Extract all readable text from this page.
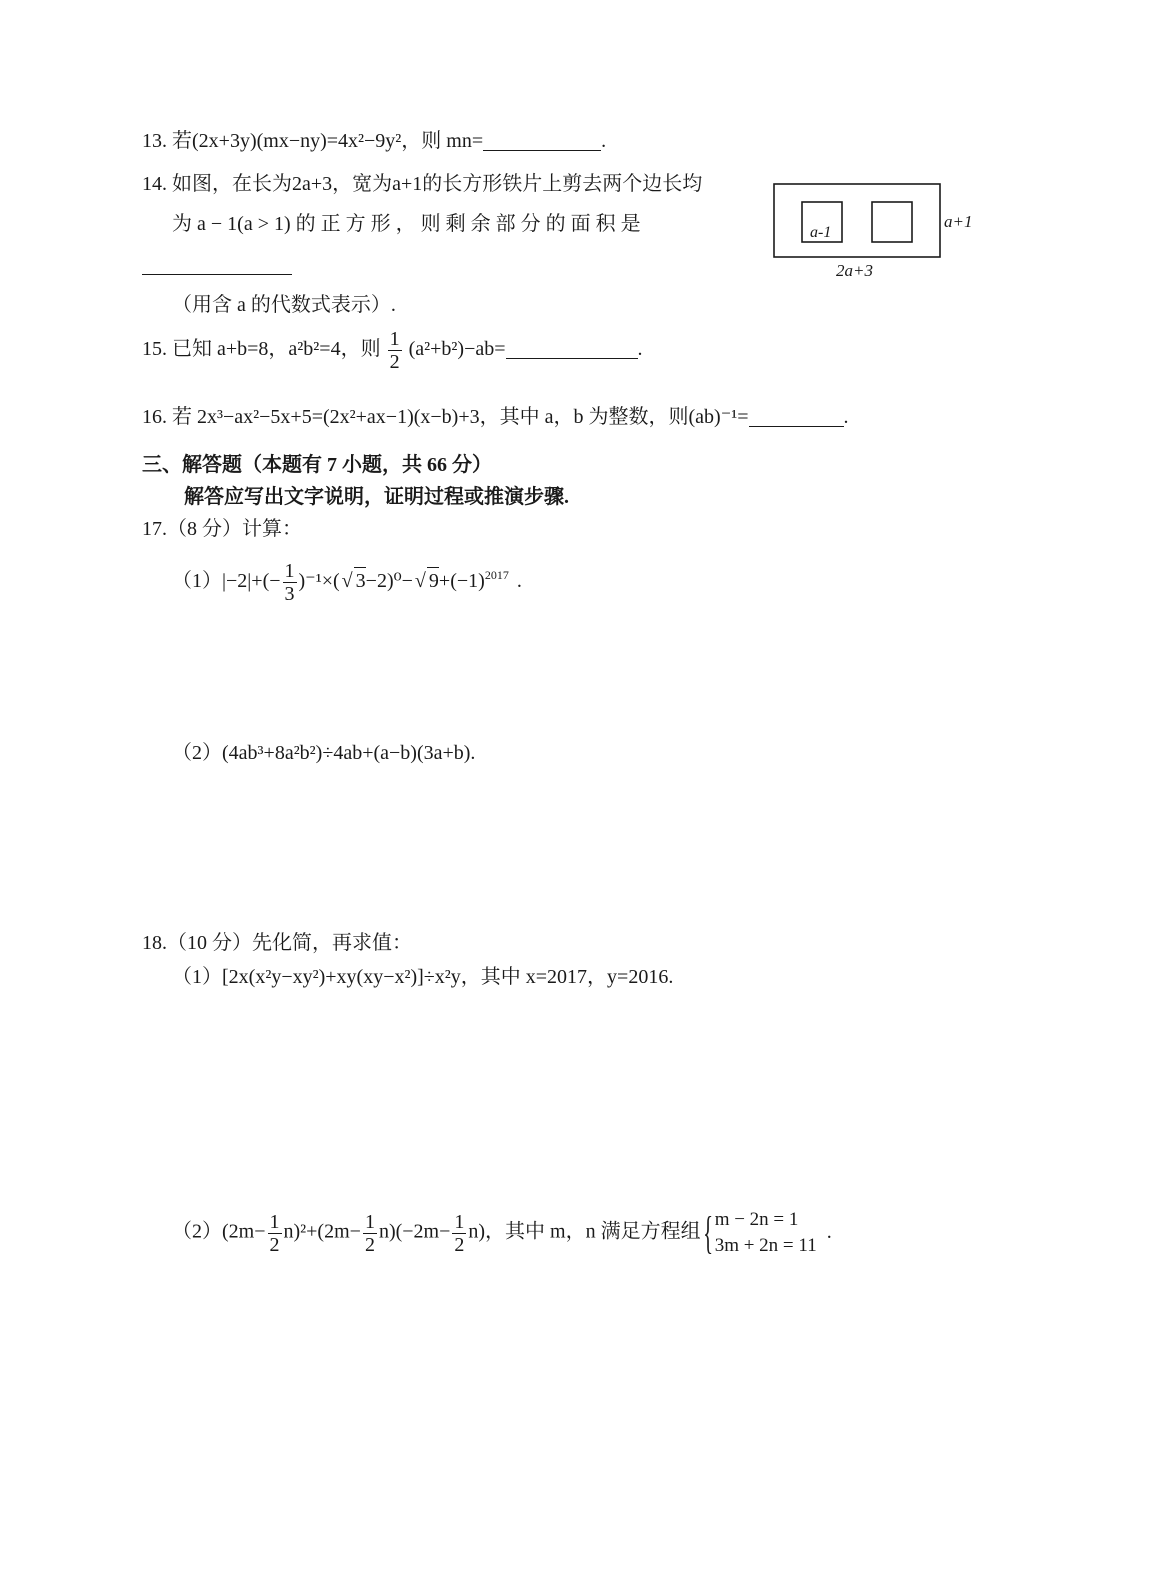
13. 若(2x+3y)(mx−ny)=4x²−9y²，则 mn=	.
14. 如图，在长为2a+3，宽为a+1的长方形铁片上剪去两个边长均
为 a − 1(a > 1) 的 正 方 形 ， 则 剩 余 部 分 的 面 积 是
（用含 a 的代数式表示）.
a-1
a+1
2a+3
15. 已知 a+b=8，a²b²=4，则 $\frac{1}{2} (a^2+b^2)-ab=$	.
16. 若 2x³−ax²−5x+5=(2x²+ax−1)(x−b)+3，其中 a，b 为整数，则(ab)⁻¹=	.
三、解答题（本题有 7 小题，共 66 分）
解答应写出文字说明，证明过程或推演步骤.
17.（8 分）计算：
$(1)|-2|+(- \frac{1}{3} )^{-1}\times(√$ 3−2)⁰−√ $9+(-1)^{2017}$ .
（2）(4ab³+8a²b²)÷4ab+(a−b)(3a+b).
18.（10 分）先化简，再求值：
（1）[2x(x²y−xy²)+xy(xy−x²)]÷x²y，其中 x=2017，y=2016.
$(2)(2m- \frac{1}{2} n)^2+(2m- \frac{1}{2} n)(-2m- \frac{1}{2} n)$，其中 m，n 满足方程组{ m − 2n = 1
3m + 2n = 11
.
